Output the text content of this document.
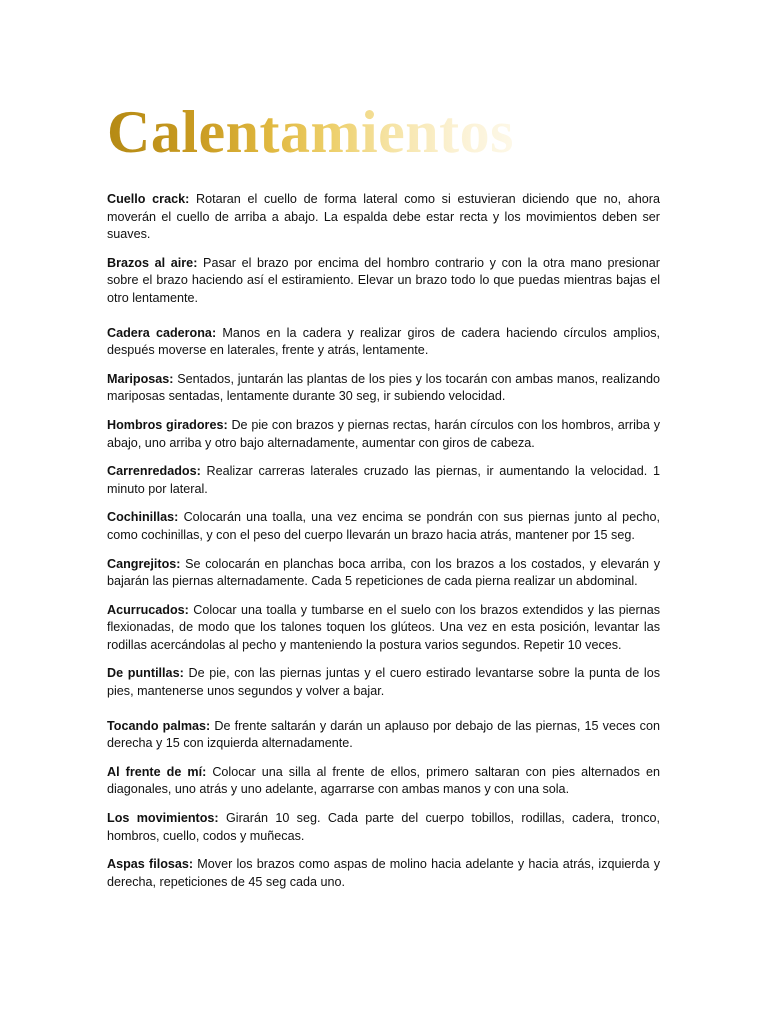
Calentamientos

Cuello crack: Rotaran el cuello de forma lateral como si estuvieran diciendo que no, ahora moverán el cuello de arriba a abajo. La espalda debe estar recta y los movimientos deben ser suaves.

Brazos al aire: Pasar el brazo por encima del hombro contrario y con la otra mano presionar sobre el brazo haciendo así el estiramiento. Elevar un brazo todo lo que puedas mientras bajas el otro lentamente.

Cadera caderona: Manos en la cadera y realizar giros de cadera haciendo círculos amplios, después moverse en laterales, frente y atrás, lentamente.

Mariposas: Sentados, juntarán las plantas de los pies y los tocarán con ambas manos, realizando mariposas sentadas, lentamente durante 30 seg, ir subiendo velocidad.

Hombros giradores: De pie con brazos y piernas rectas, harán círculos con los hombros, arriba y abajo, uno arriba y otro bajo alternadamente, aumentar con giros de cabeza.

Carrenredados: Realizar carreras laterales cruzado las piernas, ir aumentando la velocidad. 1 minuto por lateral.

Cochinillas: Colocarán una toalla, una vez encima se pondrán con sus piernas junto al pecho, como cochinillas, y con el peso del cuerpo llevarán un brazo hacia atrás, mantener por 15 seg.

Cangrejitos: Se colocarán en planchas boca arriba, con los brazos a los costados, y elevarán y bajarán las piernas alternadamente. Cada 5 repeticiones de cada pierna realizar un abdominal.

Acurrucados: Colocar una toalla y tumbarse en el suelo con los brazos extendidos y las piernas flexionadas, de modo que los talones toquen los glúteos. Una vez en esta posición, levantar las rodillas acercándolas al pecho y manteniendo la postura varios segundos. Repetir 10 veces.

De puntillas: De pie, con las piernas juntas y el cuero estirado levantarse sobre la punta de los pies, mantenerse unos segundos y volver a bajar.

Tocando palmas: De frente saltarán y darán un aplauso por debajo de las piernas, 15 veces con derecha y 15 con izquierda alternadamente.

Al frente de mí: Colocar una silla al frente de ellos, primero saltaran con pies alternados en diagonales, uno atrás y uno adelante, agarrarse con ambas manos y con una sola.

Los movimientos: Girarán 10 seg. Cada parte del cuerpo tobillos, rodillas, cadera, tronco, hombros, cuello, codos y muñecas.

Aspas filosas: Mover los brazos como aspas de molino hacia adelante y hacia atrás, izquierda y derecha, repeticiones de 45 seg cada uno.
